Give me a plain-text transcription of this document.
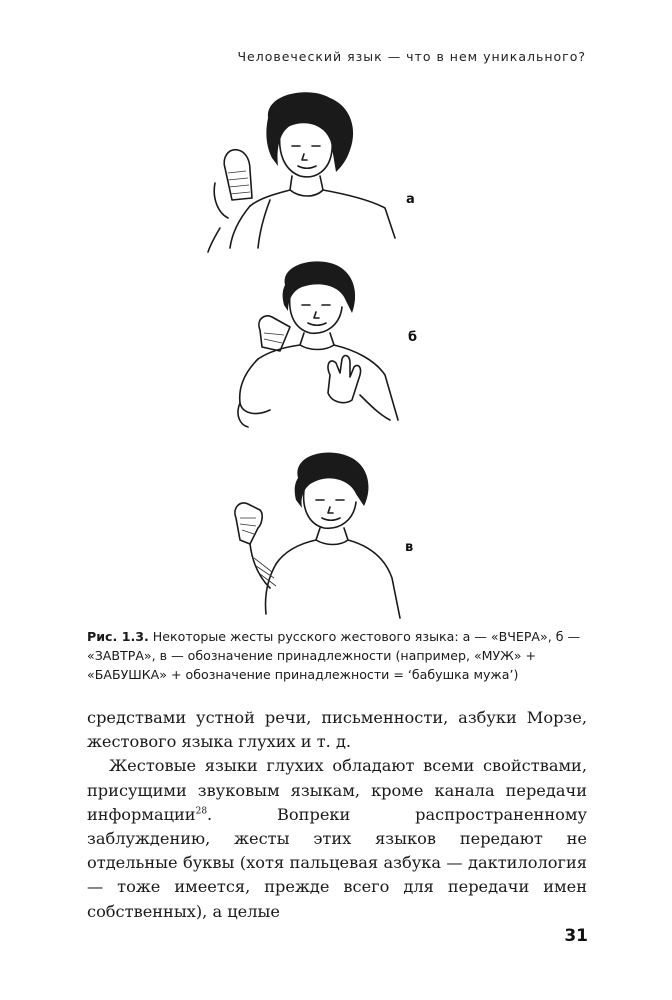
Человеческий язык — что в нем уникального?
а
б
в
Рис. 1.3. Некоторые жесты русского жестового языка: а — «ВЧЕРА», б — «ЗАВТРА», в — обозначение принадлежности (например, «МУЖ» + «БАБУШКА» + обозначение принадлежности = ‘бабушка мужа’)

средствами устной речи, письменности, азбуки Морзе, жестового языка глухих и т. д.

Жестовые языки глухих обладают всеми свойствами, присущими звуковым языкам, кроме канала передачи информации$^{28}$. Вопреки распространенному заблуждению, жесты этих языков передают не отдельные буквы (хотя пальцевая азбука — дактилология — тоже имеется, прежде всего для передачи имен собственных), а целые

31
